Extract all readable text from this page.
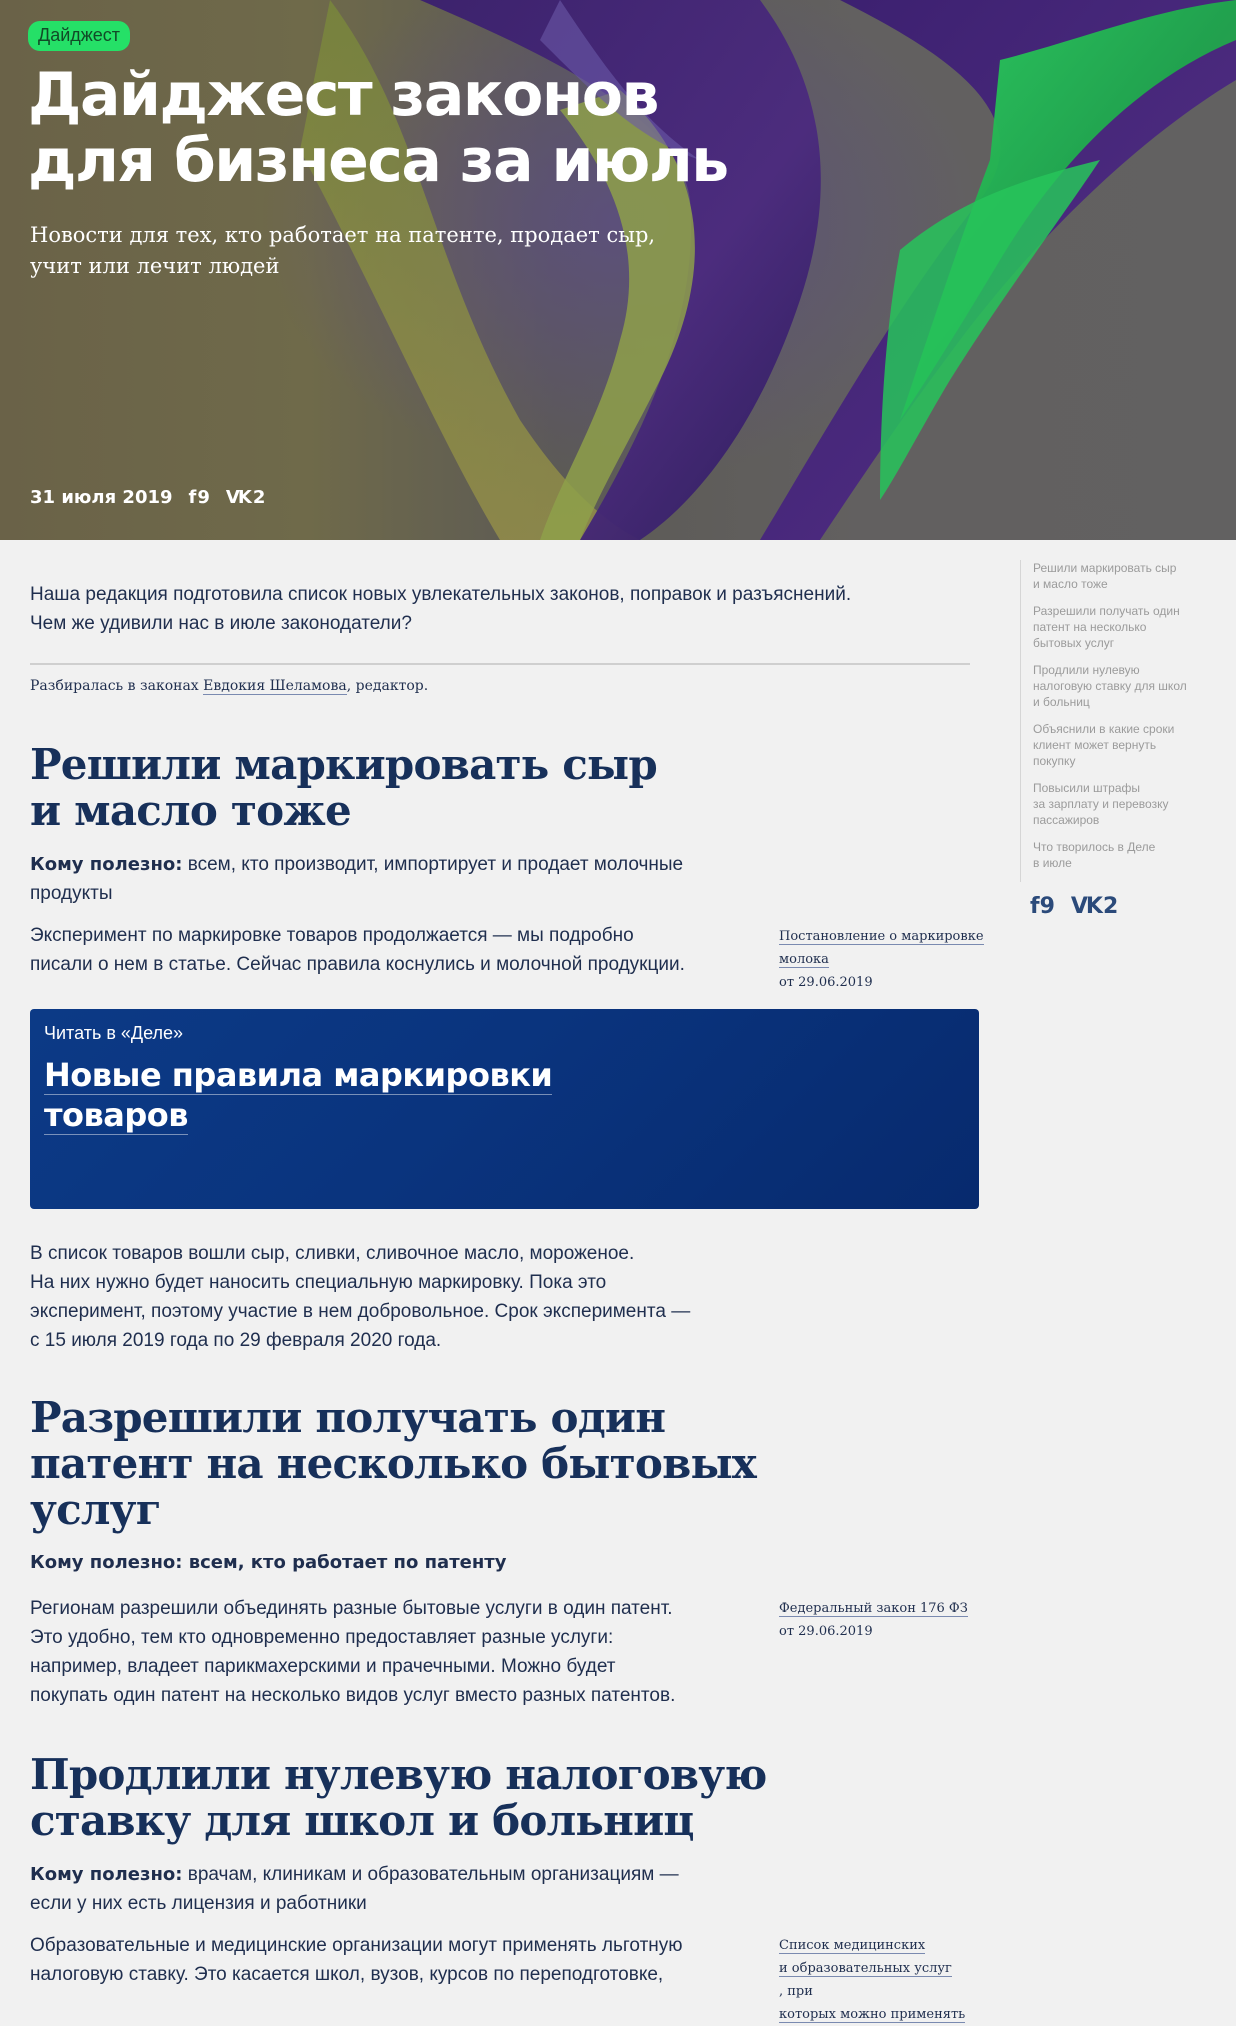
Дайджест
Дайджест законов
для бизнеса за июль
Новости для тех, кто работает на патенте, продает сыр,
учит или лечит людей
31 июля 2019 f 9 VK 2
Наша редакция подготовила список новых увлекательных законов, поправок и разъяснений.
Чем же удивили нас в июле законодатели?
Разбиралась в законах Евдокия Шеламова, редактор.
Решили маркировать сыр
и масло тоже
Кому полезно: всем, кто производит, импортирует и продает молочные
продукты
Эксперимент по маркировке товаров продолжается — мы подробно
писали о нем в статье. Сейчас правила коснулись и молочной продукции.
Постановление о маркировке
молока
от 29.06.2019
Читать в «Деле»
Новые правила маркировки
товаров
В список товаров вошли сыр, сливки, сливочное масло, мороженое.
На них нужно будет наносить специальную маркировку. Пока это
эксперимент, поэтому участие в нем добровольное. Срок эксперимента —
с 15 июля 2019 года по 29 февраля 2020 года.
Разрешили получать один
патент на несколько бытовых
услуг
Кому полезно: всем, кто работает по патенту
Регионам разрешили объединять разные бытовые услуги в один патент.
Это удобно, тем кто одновременно предоставляет разные услуги:
например, владеет парикмахерскими и прачечными. Можно будет
покупать один патент на несколько видов услуг вместо разных патентов.
Федеральный закон 176 ФЗ
от 29.06.2019
Продлили нулевую налоговую
ставку для школ и больниц
Кому полезно: врачам, клиникам и образовательным организациям —
если у них есть лицензия и работники
Образовательные и медицинские организации могут применять льготную
налоговую ставку. Это касается школ, вузов, курсов по переподготовке,
Список медицинских
и образовательных услуг
, при
которых можно применять
Решили маркировать сыр
и масло тоже
Разрешили получать один
патент на несколько
бытовых услуг
Продлили нулевую
налоговую ставку для школ
и больниц
Объяснили в какие сроки
клиент может вернуть
покупку
Повысили штрафы
за зарплату и перевозку
пассажиров
Что творилось в Деле
в июле
f 9 VK 2
